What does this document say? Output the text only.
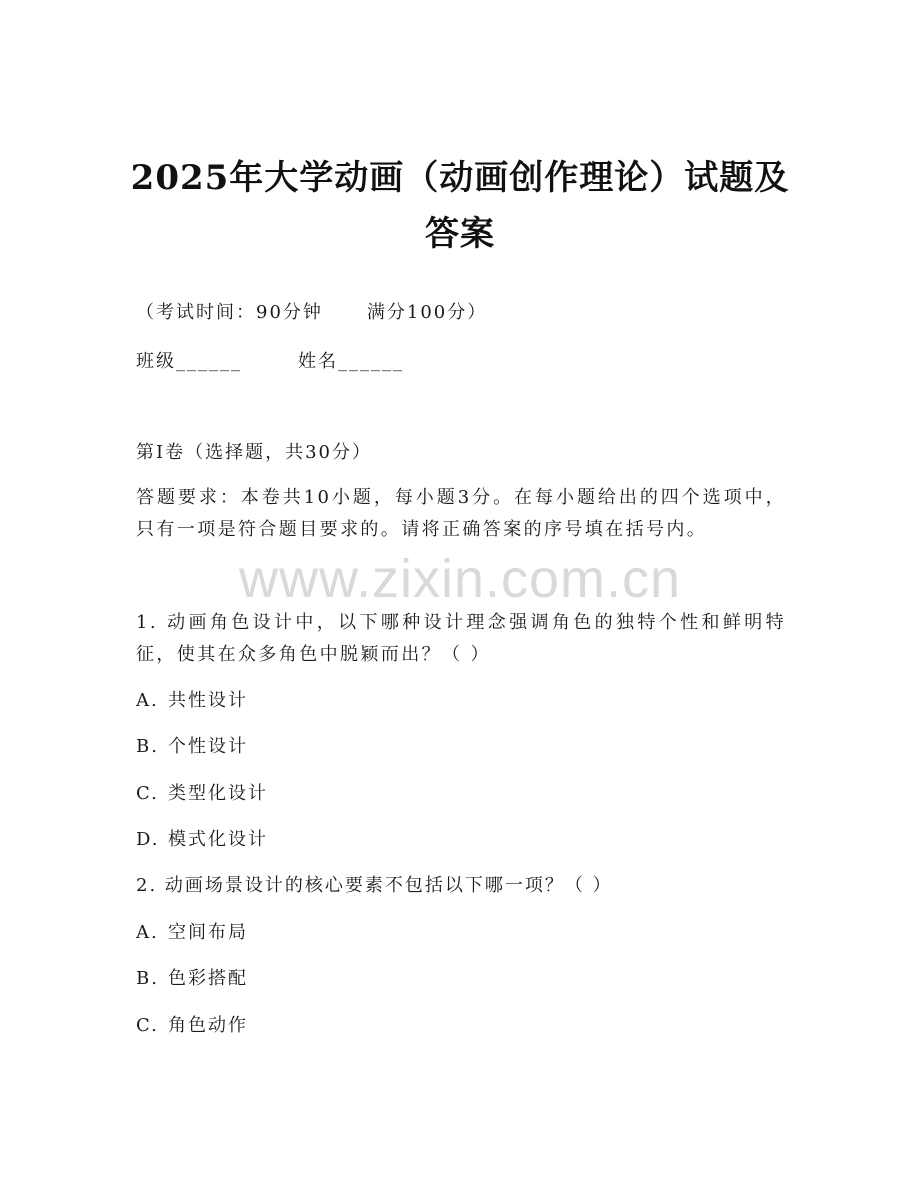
2025年大学动画（动画创作理论）试题及答案
（考试时间：90分钟 满分100分）
班级______	姓名______
第I卷（选择题，共30分）
答题要求：本卷共10小题，每小题3分。在每小题给出的四个选项中，只有一项是符合题目要求的。请将正确答案的序号填在括号内。
www.zixin.com.cn
1. 动画角色设计中，以下哪种设计理念强调角色的独特个性和鲜明特征，使其在众多角色中脱颖而出？（ ）
A. 共性设计
B. 个性设计
C. 类型化设计
D. 模式化设计
2. 动画场景设计的核心要素不包括以下哪一项？（ ）
A. 空间布局
B. 色彩搭配
C. 角色动作
